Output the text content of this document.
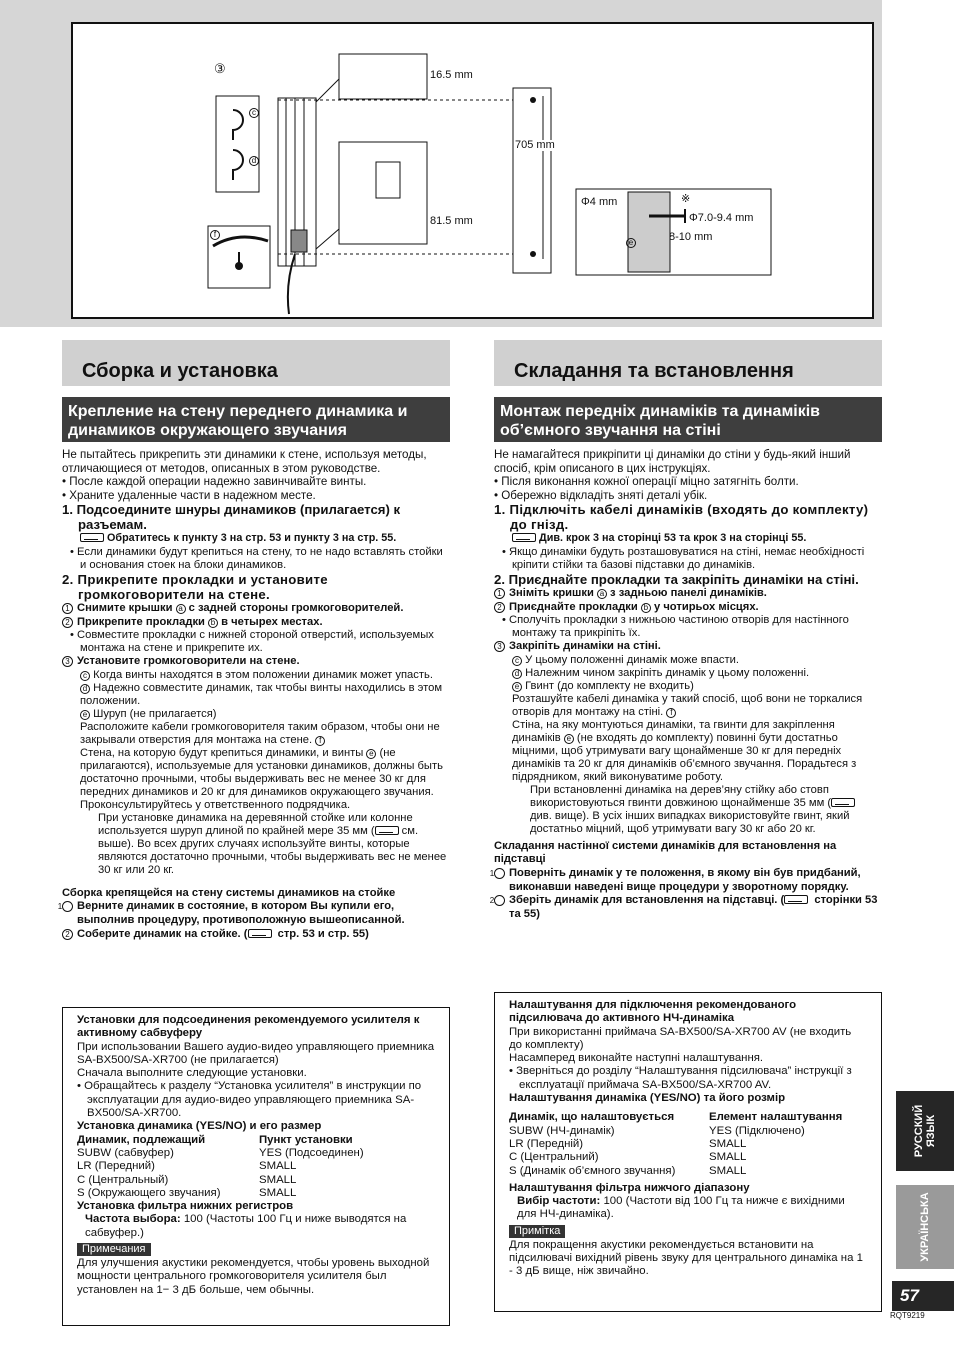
③	16.5 mm
81.5 mm
705 mm
Φ4 mm	※
Φ7.0-9.4 mm
8-10 mm
c
d
e
f
Сборка и установка
Крепление на стену переднего динамика и динамиков окружающего звучания

Не пытайтесь прикрепить эти динамики к стене, используя методы, отличающиеся от методов, описанных в этом руководстве.

• После каждой операции надежно завинчивайте винты.

• Храните удаленные части в надежном месте.

1. Подсоедините шнуры динамиков (прилагается) к разъемам.

Обратитесь к пункту 3 на стр. 53 и пункту 3 на стр. 55.

• Если динамики будут крепиться на стену, то не надо вставлять стойки и основания стоек на блоки динамиков.

2. Прикрепите прокладки и установите громкоговорители на стене.

1 Снимите крышки a с задней стороны громкоговорителей.

2 Прикрепите прокладки b в четырех местах.

• Совместите прокладки с нижней стороной отверстий, используемых монтажа на стене и прикрепите их.

3 Установите громкоговорители на стене.

c Когда винты находятся в этом положении динамик может упасть.

d Надежно совместите динамик, так чтобы винты находились в этом положении.

e Шуруп (не прилагается)

Расположите кабели громкоговорителя таким образом, чтобы они не закрывали отверстия для монтажа на стене. f

Стена, на которую будут крепиться динамики, и винты e (не прилагаются), используемые для установки динамиков, должны быть достаточно прочными, чтобы выдерживать вес не менее 30 кг для передних динамиков и 20 кг для динамиков окружающего звучания. Проконсультируйтесь у ответственного подрядчика.

При установке динамика на деревянной стойке или колонне используется шуруп длиной по крайней мере 35 мм ( см. выше). Во всех других случаях используйте винты, которые являются достаточно прочными, чтобы выдерживать вес не менее 30 кг или 20 кг.

Сборка крепящейся на стену системы динамиков на стойке

1 Верните динамик в состояние, в котором Вы купили его, выполнив процедуру, противоположную вышеописанной.

2 Соберите динамик на стойке. ( стр. 53 и стр. 55)

Складання та встановлення
Монтаж передніх динаміків та динаміків об’ємного звучання на стіні

Не намагайтеся прикріпити ці динаміки до стіни у будь-який інший спосіб, крім описаного в цих інструкціях.

• Після виконання кожної операції міцно затягніть болти.

• Обережно відкладіть зняті деталі убік.

1. Підключіть кабелі динаміків (входять до комплекту) до гнізд.

Див. крок 3 на сторінці 53 та крок 3 на сторінці 55.

• Якщо динаміки будуть розташовуватися на стіні, немає необхідності кріпити стійки та базові підставки до динаміків.

2. Приєднайте прокладки та закріпіть динаміки на стіні.

1 Зніміть кришки a з задньою панелі динаміків.

2 Приєднайте прокладки b у чотирьох місцях.

• Сполучіть прокладки з нижньою частиною отворів для настінного монтажу та прикріпіть їх.

3 Закріпіть динаміки на стіні.

c У цьому положенні динамік може впасти.

d Належним чином закріпіть динамік у цьому положенні.

e Гвинт (до комплекту не входить)

Розташуйте кабелі динаміка у такий спосіб, щоб вони не торкалися отворів для монтажу на стіні. f

Стіна, на яку монтуються динаміки, та гвинти для закріплення динаміків e (не входять до комплекту) повинні бути достатньо міцними, щоб утримувати вагу щонайменше 30 кг для передніх динаміків та 20 кг для динаміків об’ємного звучання. Порадьтеся з підрядником, який виконуватиме роботу.

При встановленні динаміка на дерев’яну стійку або стовп використовуються гвинти довжиною щонайменше 35 мм ( див. вище). В усіх інших випадках використовуйте гвинт, який достатньо міцний, щоб утримувати вагу 30 кг або 20 кг.

Складання настінної системи динаміків для встановлення на підставці

1 Поверніть динамік у те положення, в якому він був придбаний, виконавши наведені вище процедури у зворотному порядку.

2 Зберіть динамік для встановлення на підставці. ( сторінки 53 та 55)

Установки для подсоединения рекомендуемого усилителя к активному сабвуферу

При использовании Вашего аудио-видео управляющего приемника SA-BX500/SA-XR700 (не прилагается)

Сначала выполните следующие установки.

• Обращайтесь к разделу “Установка усилителя” в инструкции по эксплуатации для аудио-видео управляющего приемника SA-BX500/SA-XR700.

Установка динамика (YES/NO) и его размер

Динамик, подлежащий	Пункт установки
SUBW (сабвуфер)	YES (Подсоединен)
LR (Передний)	SMALL
C (Центральный)	SMALL
S (Окружающего звучания)	SMALL

Установка фильтра нижних регистров

Частота выбора: 100 (Частоты 100 Гц и ниже выводятся на сабвуфер.)

Примечания

Для улучшения акустики рекомендуется, чтобы уровень выходной мощности центрального громкоговорителя усилителя был установлен на 1− 3 дБ больше, чем обычны.

Налаштування для підключення рекомендованого підсилювача до активного НЧ-динаміка

При використанні приймача SA-BX500/SA-XR700 AV (не входить до комплекту)

Насамперед виконайте наступні налаштування.

• Зверніться до розділу “Налаштування підсилювача” інструкції з експлуатації приймача SA-BX500/SA-XR700 AV.

Налаштування динаміка (YES/NO) та його розмір

Динамік, що налаштовується	Елемент налаштування
SUBW (НЧ-динамік)	YES (Підключено)
LR (Передній)	SMALL
C (Центральний)	SMALL
S (Динамік об’ємного звучання)	SMALL

Налаштування фільтра нижчого діапазону

Вибір частоти: 100 (Частоти від 100 Гц та нижче є вихідними для НЧ-динаміка).

Примітка

Для покращення акустики рекомендується встановити на підсилювачі вихідний рівень звуку для центрального динаміка на 1 - 3 дБ вище, ніж звичайно.

РУССКИЙ
ЯЗЫК
УКРАЇНСЬКА
57
RQT9219
